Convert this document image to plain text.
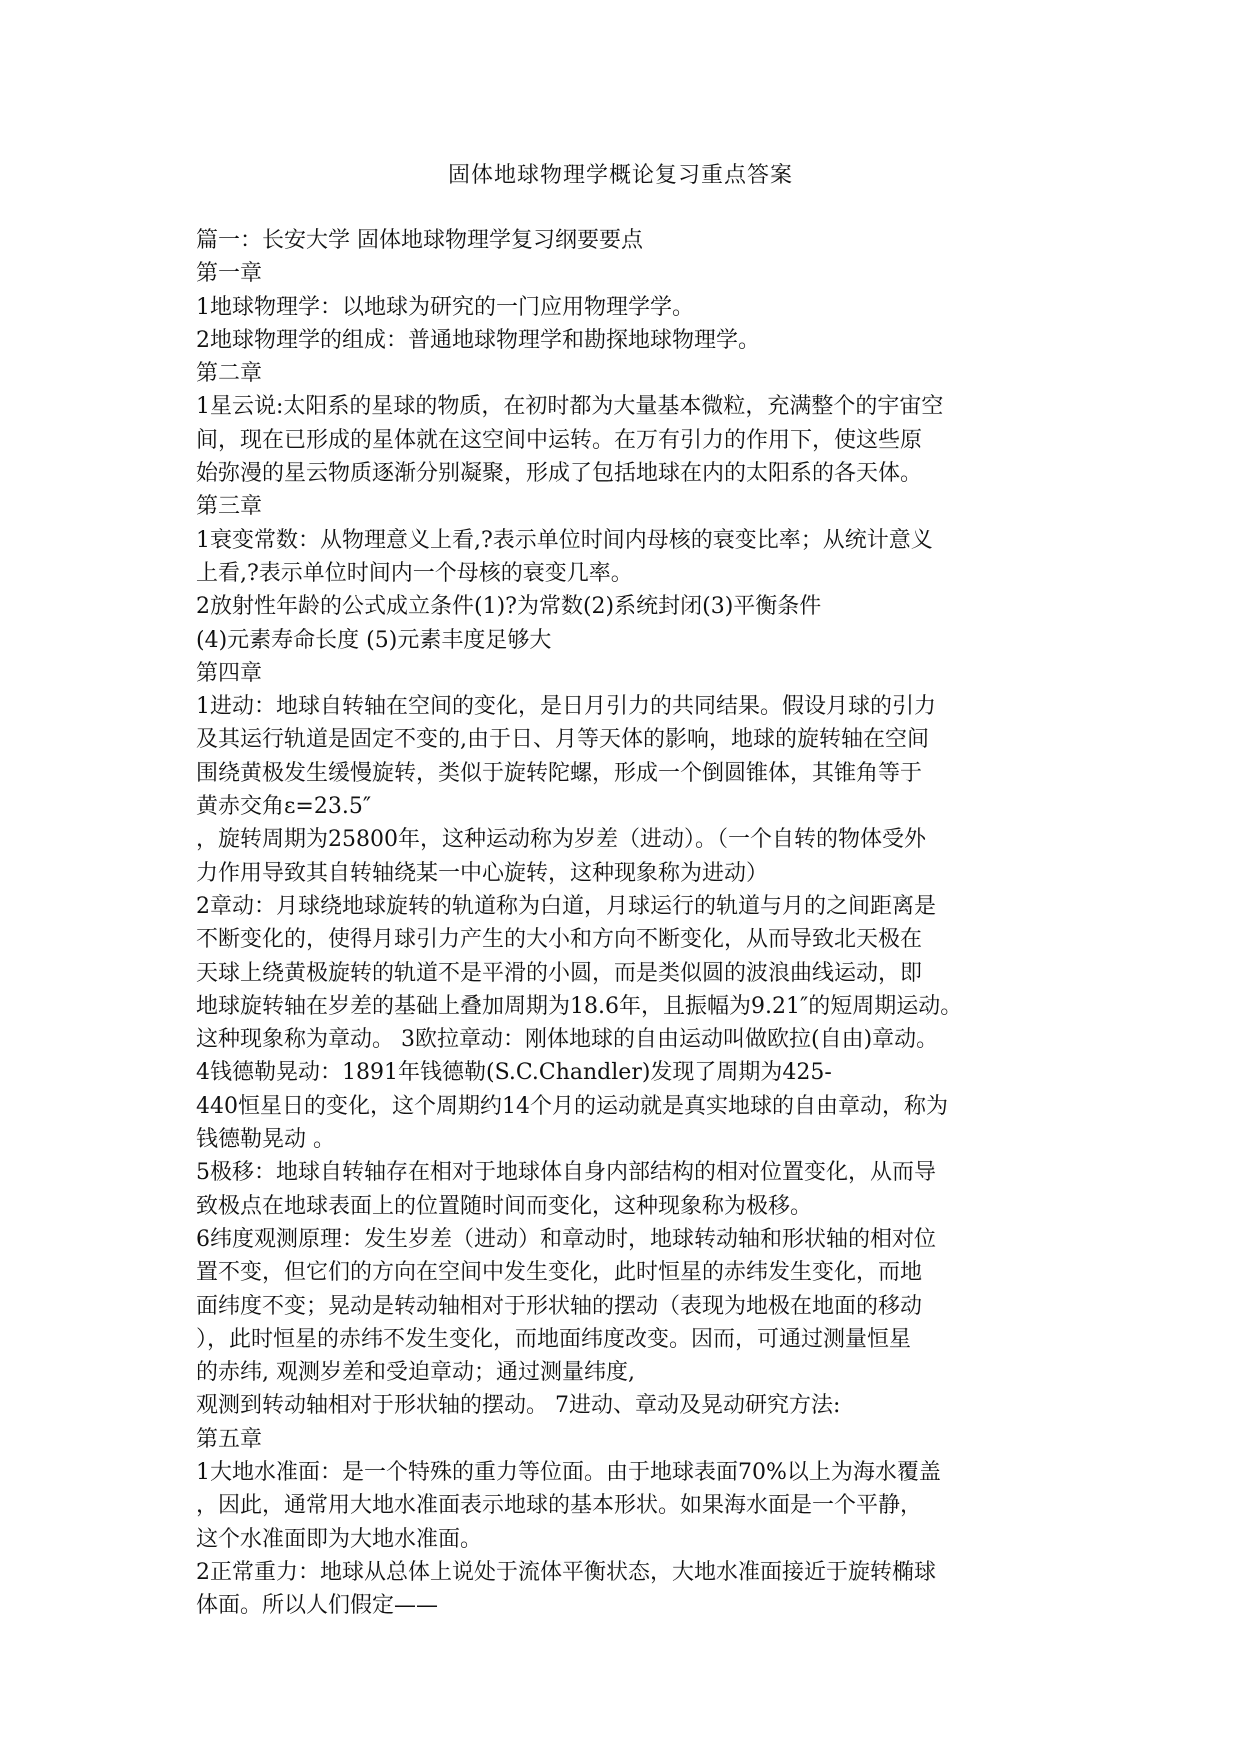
固体地球物理学概论复习重点答案
篇一：长安大学 固体地球物理学复习纲要要点
第一章
1地球物理学：以地球为研究的一门应用物理学学。
2地球物理学的组成：普通地球物理学和勘探地球物理学。
第二章
1星云说:太阳系的星球的物质，在初时都为大量基本微粒，充满整个的宇宙空
间，现在已形成的星体就在这空间中运转。在万有引力的作用下，使这些原
始弥漫的星云物质逐渐分别凝聚，形成了包括地球在内的太阳系的各天体。
第三章
1衰变常数：从物理意义上看,?表示单位时间内母核的衰变比率；从统计意义
上看,?表示单位时间内一个母核的衰变几率。
2放射性年龄的公式成立条件(1)?为常数(2)系统封闭(3)平衡条件
(4)元素寿命长度 (5)元素丰度足够大
第四章
1进动：地球自转轴在空间的变化，是日月引力的共同结果。假设月球的引力
及其运行轨道是固定不变的,由于日、月等天体的影响，地球的旋转轴在空间
围绕黄极发生缓慢旋转，类似于旋转陀螺，形成一个倒圆锥体，其锥角等于
黄赤交角ε=23.5″
，旋转周期为25800年，这种运动称为岁差（进动）。（一个自转的物体受外
力作用导致其自转轴绕某一中心旋转，这种现象称为进动）
2章动：月球绕地球旋转的轨道称为白道，月球运行的轨道与月的之间距离是
不断变化的，使得月球引力产生的大小和方向不断变化，从而导致北天极在
天球上绕黄极旋转的轨道不是平滑的小圆，而是类似圆的波浪曲线运动，即
地球旋转轴在岁差的基础上叠加周期为18.6年，且振幅为9.21″的短周期运动。
这种现象称为章动。 3欧拉章动：刚体地球的自由运动叫做欧拉(自由)章动。
4钱德勒晃动：1891年钱德勒(S.C.Chandler)发现了周期为425-
440恒星日的变化，这个周期约14个月的运动就是真实地球的自由章动，称为
钱德勒晃动 。
5极移：地球自转轴存在相对于地球体自身内部结构的相对位置变化，从而导
致极点在地球表面上的位置随时间而变化，这种现象称为极移。
6纬度观测原理：发生岁差（进动）和章动时，地球转动轴和形状轴的相对位
置不变，但它们的方向在空间中发生变化，此时恒星的赤纬发生变化，而地
面纬度不变；晃动是转动轴相对于形状轴的摆动（表现为地极在地面的移动
），此时恒星的赤纬不发生变化，而地面纬度改变。因而，可通过测量恒星
的赤纬, 观测岁差和受迫章动；通过测量纬度,
观测到转动轴相对于形状轴的摆动。 7进动、章动及晃动研究方法:
第五章
1大地水准面：是一个特殊的重力等位面。由于地球表面70%以上为海水覆盖
，因此，通常用大地水准面表示地球的基本形状。如果海水面是一个平静，
这个水准面即为大地水准面。
2正常重力：地球从总体上说处于流体平衡状态，大地水准面接近于旋转椭球
体面。所以人们假定——
